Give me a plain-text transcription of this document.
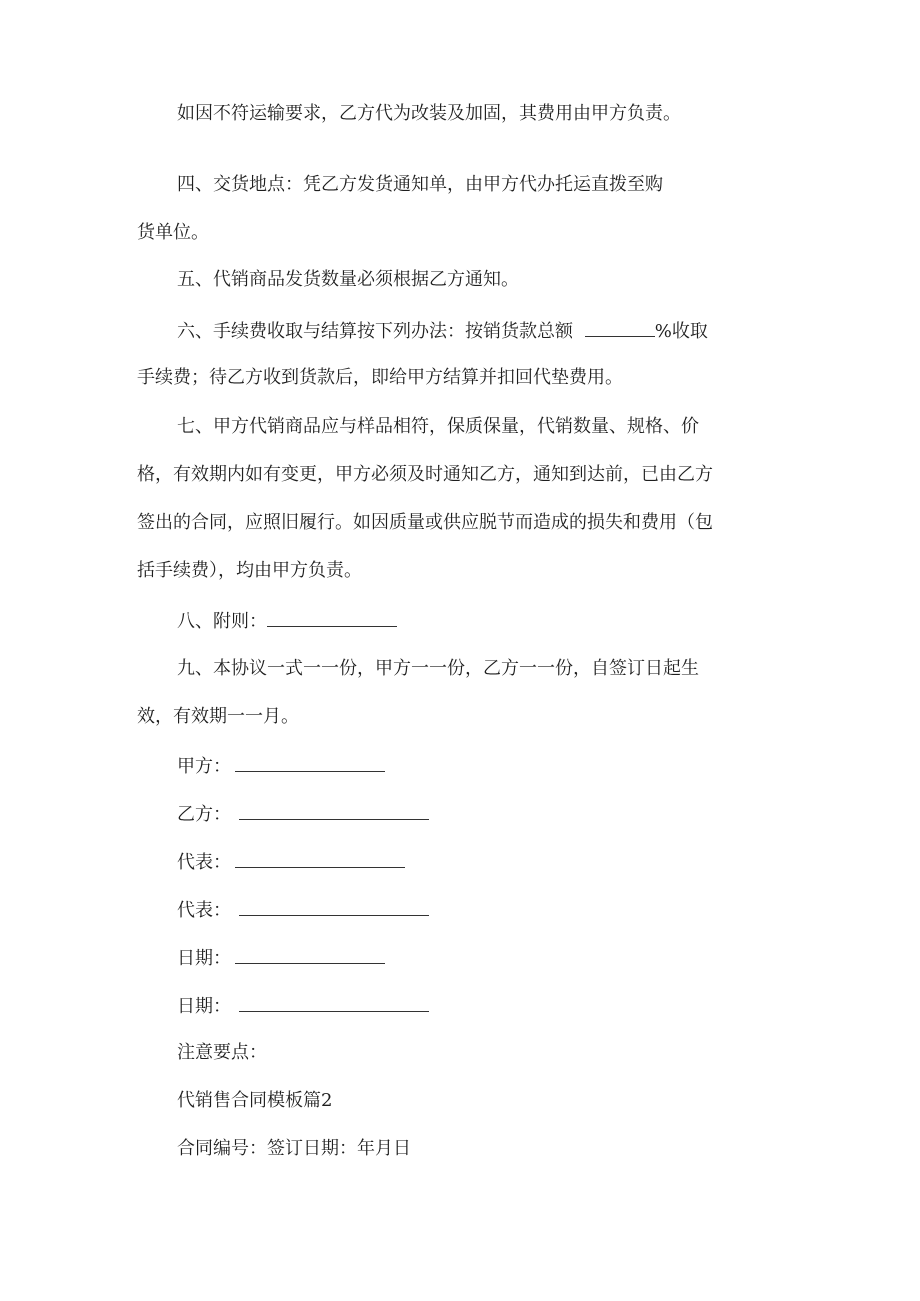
如因不符运输要求，乙方代为改装及加固，其费用由甲方负责。
四、交货地点：凭乙方发货通知单，由甲方代办托运直拨至购
货单位。
五、代销商品发货数量必须根据乙方通知。
六、手续费收取与结算按下列办法：按销货款总额	%收取
手续费；待乙方收到货款后，即给甲方结算并扣回代垫费用。
七、甲方代销商品应与样品相符，保质保量，代销数量、规格、价
格，有效期内如有变更，甲方必须及时通知乙方，通知到达前，已由乙方
签出的合同，应照旧履行。如因质量或供应脱节而造成的损失和费用（包
括手续费），均由甲方负责。
八、附则：
九、本协议一式一一份，甲方一一份，乙方一一份，自签订日起生
效，有效期一一月。
甲方：
乙方：
代表：
代表：
日期：
日期：
注意要点：
代销售合同模板篇2
合同编号：签订日期：年月日
